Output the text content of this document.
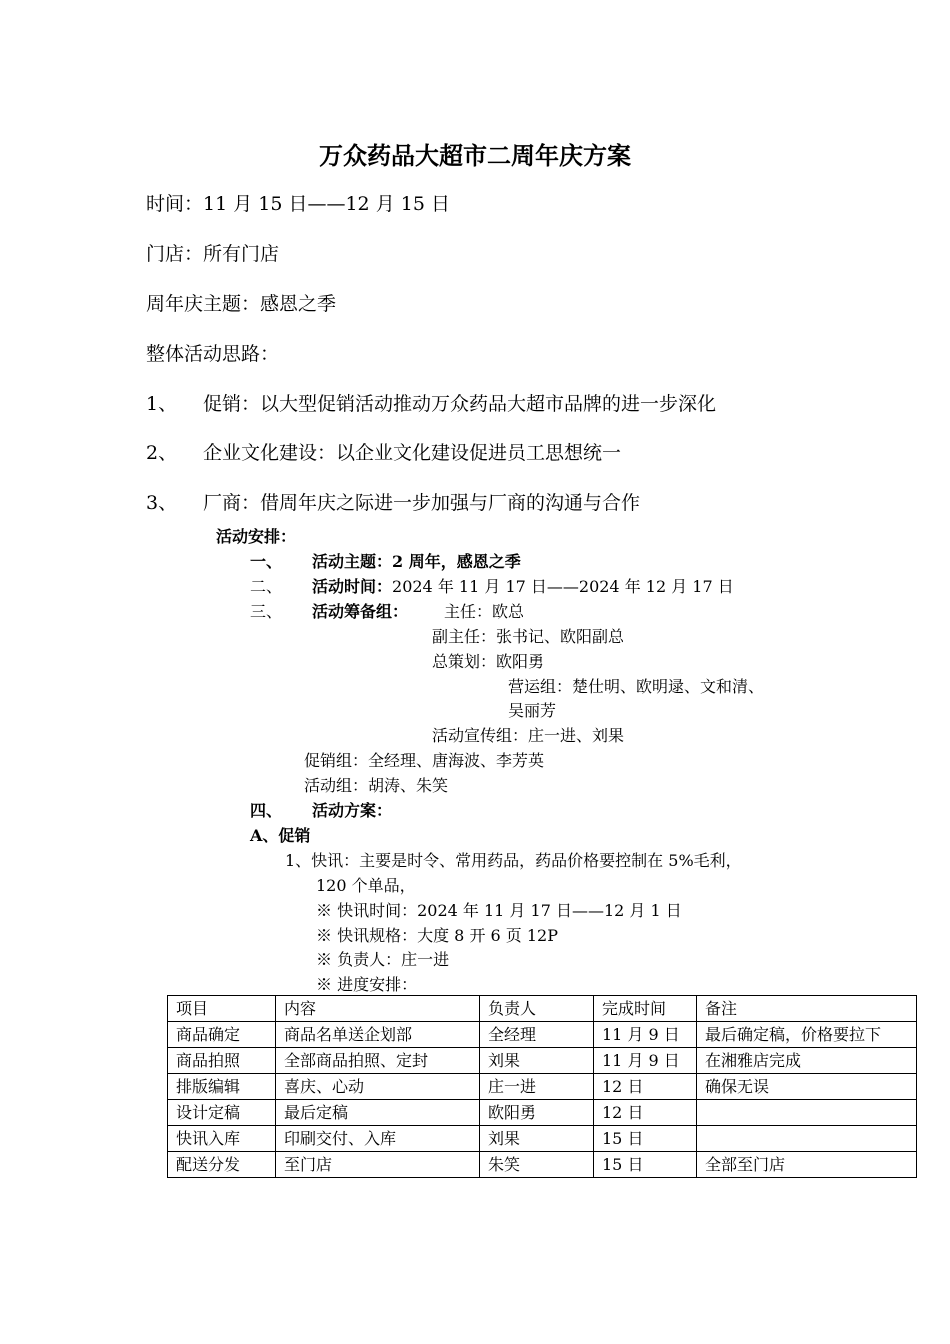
万众药品大超市二周年庆方案
时间：11 月 15 日——12 月 15 日
门店：所有门店
周年庆主题：感恩之季
整体活动思路：
1、 促销：以大型促销活动推动万众药品大超市品牌的进一步深化
2、 企业文化建设：以企业文化建设促进员工思想统一
3、 厂商：借周年庆之际进一步加强与厂商的沟通与合作
活动安排：
一、 活动主题：2 周年，感恩之季
二、 活动时间：2024 年 11 月 17 日——2024 年 12 月 17 日
三、 活动筹备组： 主任：欧总
副主任：张书记、欧阳副总
总策划：欧阳勇
营运组：楚仕明、欧明逯、文和清、
吴丽芳
活动宣传组：庄一进、刘果
促销组：全经理、唐海波、李芳英
活动组：胡涛、朱笑
四、 活动方案：
A、促销
1、快讯：主要是时令、常用药品，药品价格要控制在 5%毛利，
120 个单品，
※ 快讯时间：2024 年 11 月 17 日——12 月 1 日
※ 快讯规格：大度 8 开 6 页 12P
※ 负责人：庄一进
※ 进度安排：
项目	内容	负责人	完成时间	备注
商品确定	商品名单送企划部	全经理	11 月 9 日	最后确定稿，价格要拉下
商品拍照	全部商品拍照、定封	刘果	11 月 9 日	在湘雅店完成
排版编辑	喜庆、心动	庄一进	12 日	确保无误
设计定稿	最后定稿	欧阳勇	12 日	
快讯入库	印刷交付、入库	刘果	15 日	
配送分发	至门店	朱笑	15 日	全部至门店
